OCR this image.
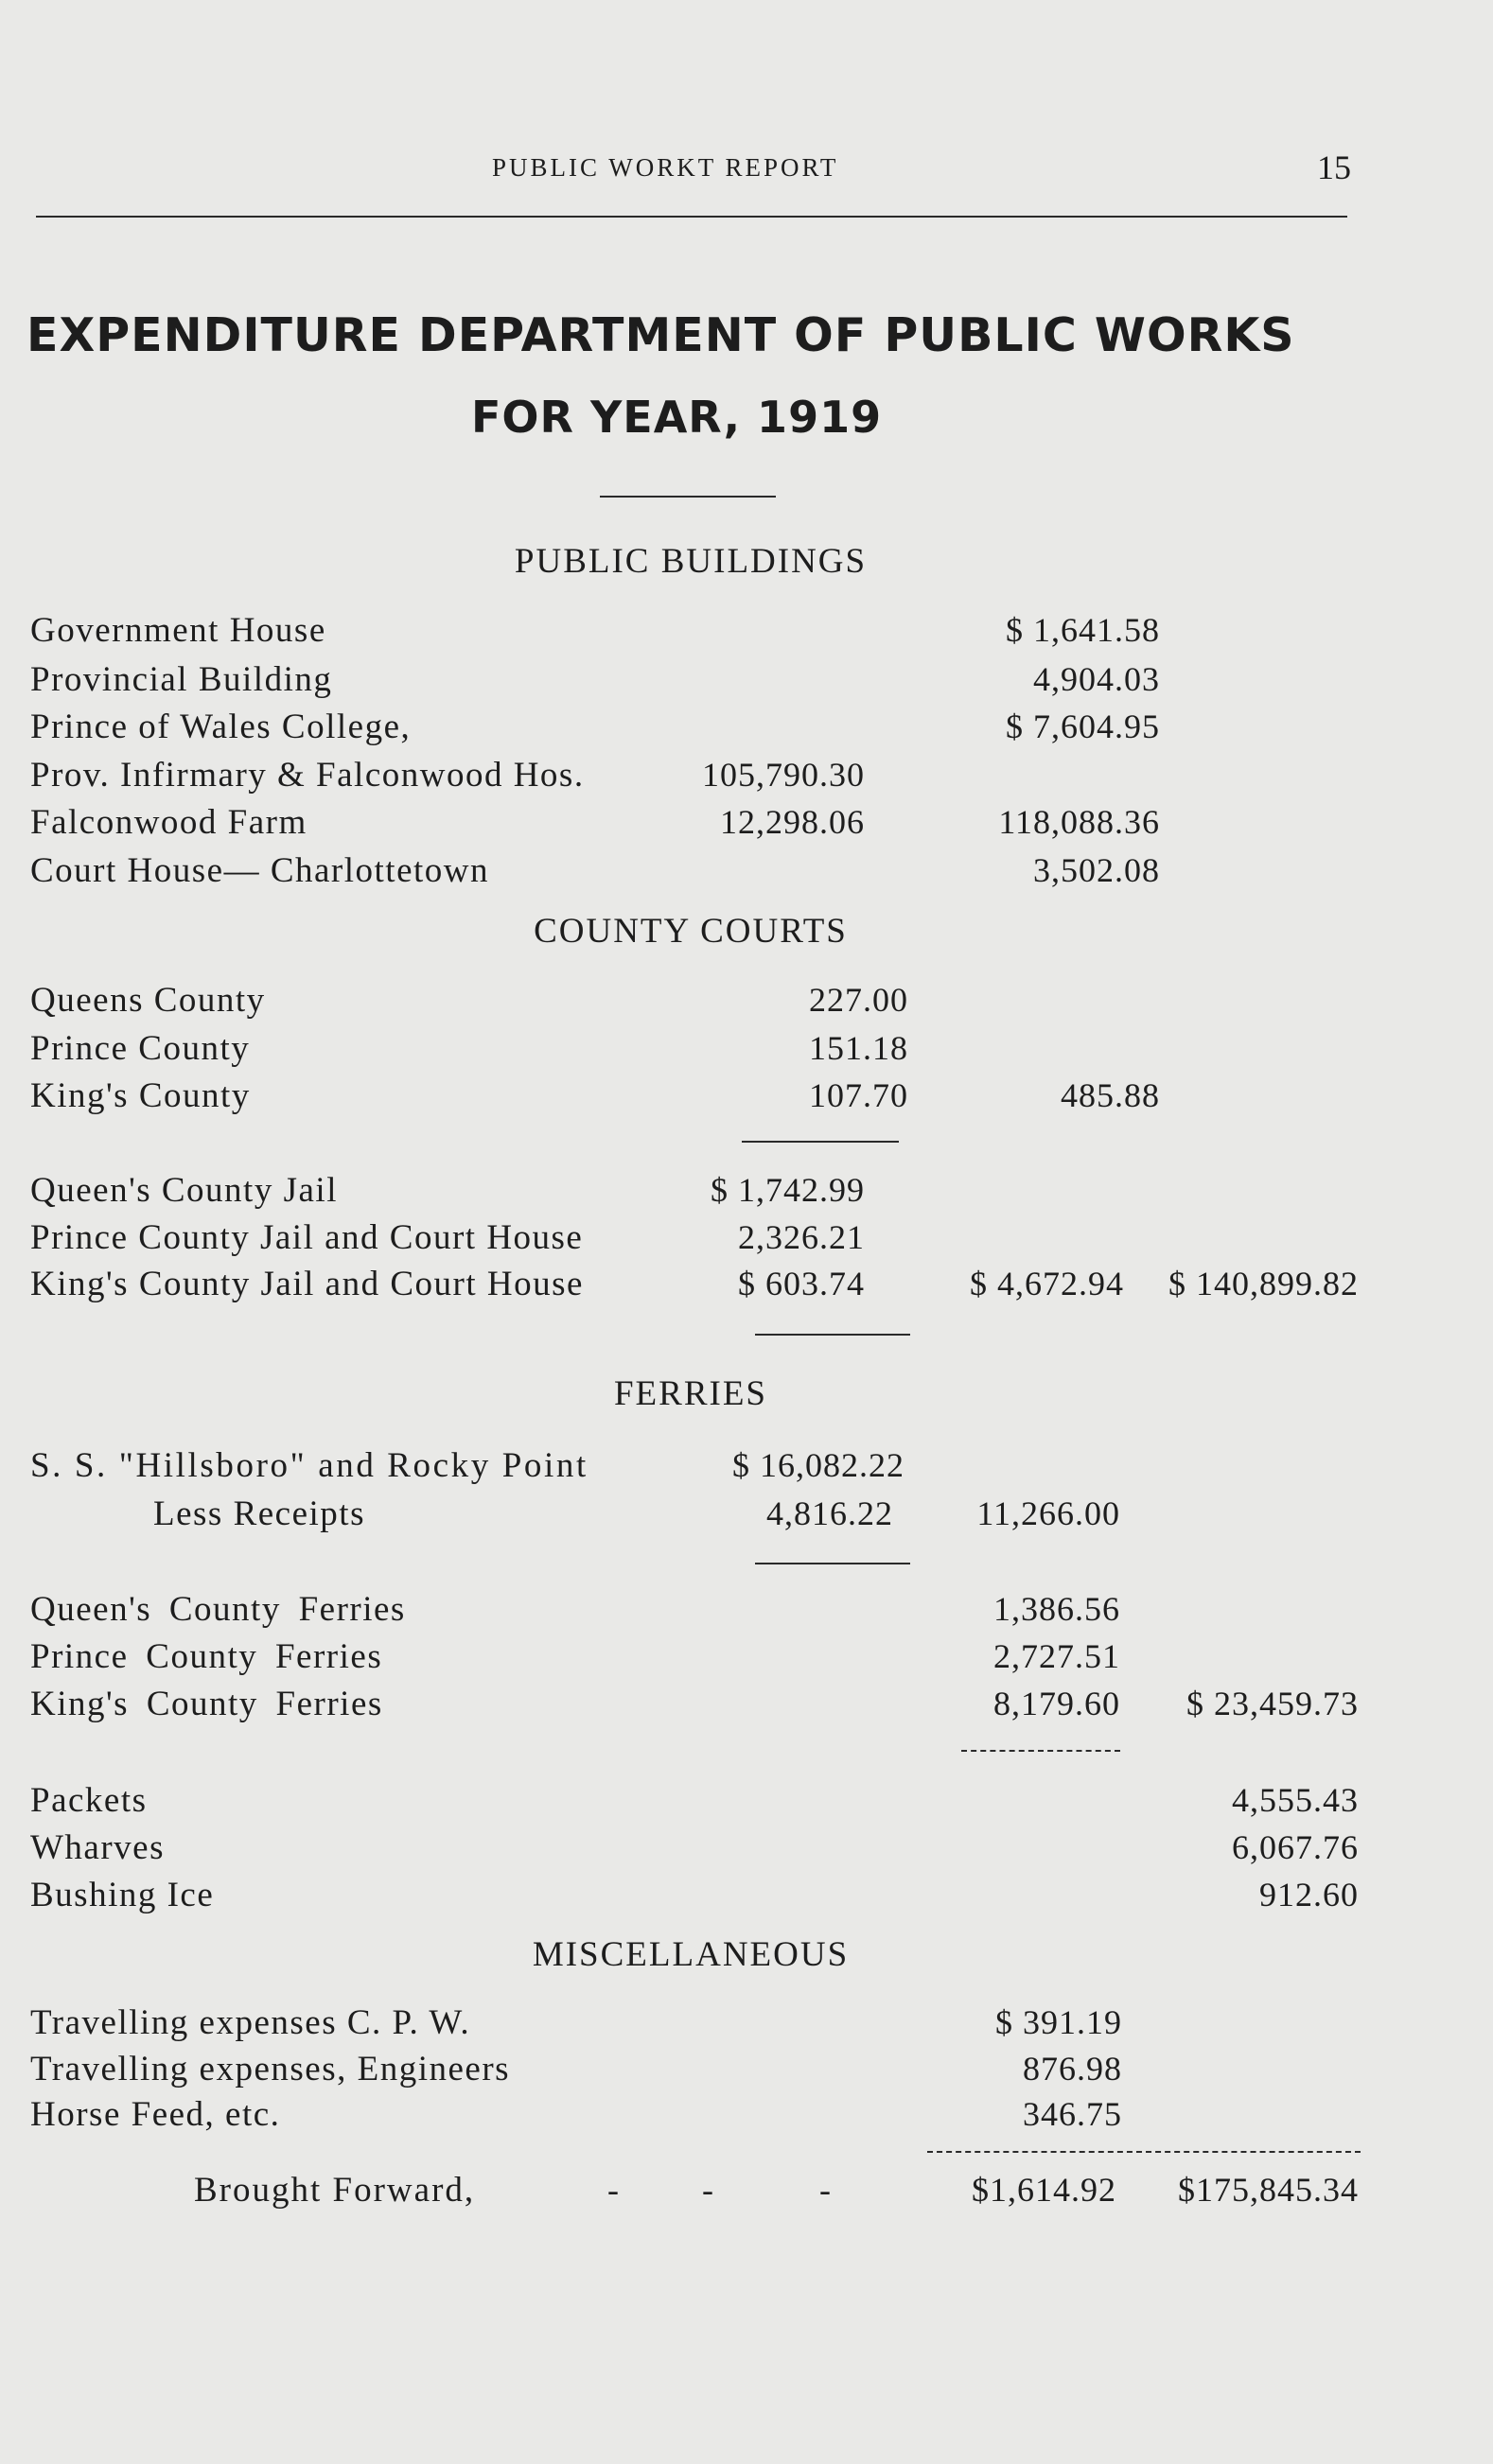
PUBLIC WORKT REPORT	15
EXPENDITURE DEPARTMENT OF PUBLIC WORKS
FOR YEAR, 1919
PUBLIC BUILDINGS
Government House	$ 1,641.58
Provincial Building	4,904.03
Prince of Wales College,	$ 7,604.95
Prov. Infirmary & Falconwood Hos.	105,790.30
Falconwood Farm	12,298.06	118,088.36
Court House— Charlottetown	3,502.08
COUNTY COURTS
Queens County	227.00
Prince County	151.18
King's County	107.70	485.88
Queen's County Jail	$ 1,742.99
Prince County Jail and Court House	2,326.21
King's County Jail and Court House	$ 603.74	$ 4,672.94 $ 140,899.82
FERRIES
S. S. "Hillsboro" and Rocky Point	$ 16,082.22
Less Receipts	4,816.22 11,266.00
Queen's County Ferries	1,386.56
Prince County Ferries	2,727.51
King's County Ferries	8,179.60 $ 23,459.73
Packets	4,555.43
Wharves	6,067.76
Bushing Ice	912.60
MISCELLANEOUS
Travelling expenses C. P. W.	$ 391.19
Travelling expenses, Engineers	876.98
Horse Feed, etc.	346.75
Brought Forward,	- -	-	$1,614.92 $175,845.34
